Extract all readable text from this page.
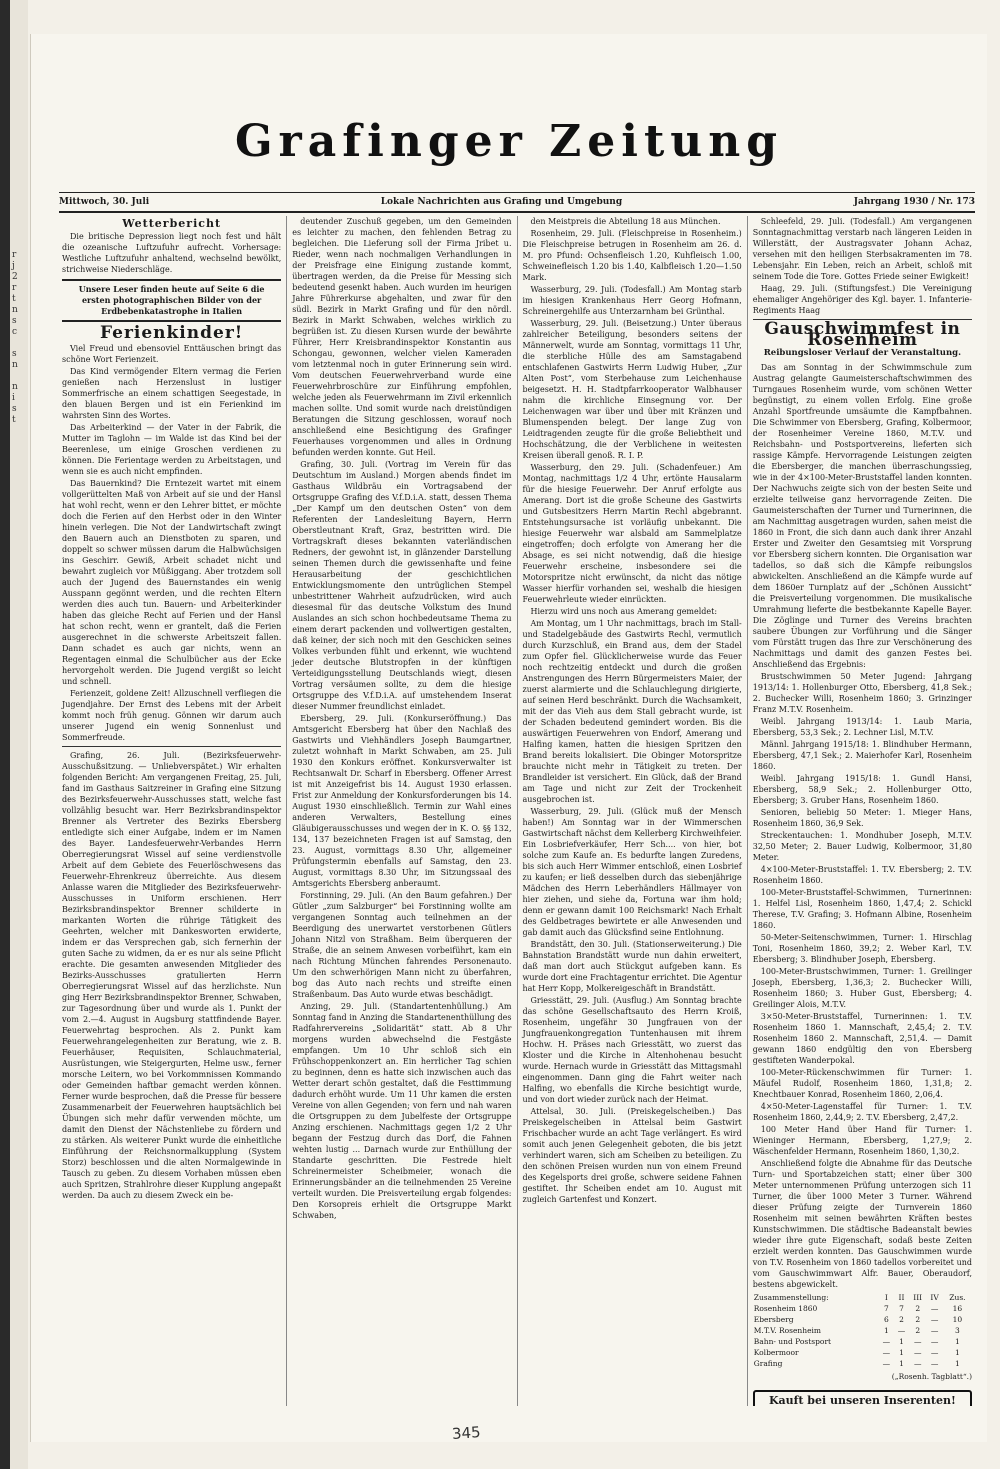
r
j
2
r
t
n
s
c

s
n

n
i
s
t
Grafinger Zeitung
Mittwoch, 30. Juli	Lokale Nachrichten aus Grafing und Umgebung	Jahrgang 1930 / Nr. 173
Wetterbericht

Die britische Depression liegt noch fest und hält die ozeanische Luftzufuhr aufrecht. Vorhersage: Westliche Luftzufuhr anhaltend, wechselnd bewölkt, strichweise Niederschläge.

Unsere Leser finden heute auf Seite 6 die ersten photographischen Bilder von der Erdbebenkatastrophe in Italien
Ferienkinder!

Viel Freud und ebensoviel Enttäuschen bringt das schöne Wort Ferienzeit.

Das Kind vermögender Eltern vermag die Ferien genießen nach Herzenslust in lustiger Sommerfrische an einem schattigen Seegestade, in den blauen Bergen und ist ein Ferienkind im wahrsten Sinn des Wortes.

Das Arbeiterkind — der Vater in der Fabrik, die Mutter im Taglohn — im Walde ist das Kind bei der Beerenlese, um einige Groschen verdienen zu können. Die Ferientage werden zu Arbeitstagen, und wenn sie es auch nicht empfinden.

Das Bauernkind? Die Erntezeit wartet mit einem vollgerüttelten Maß von Arbeit auf sie und der Hansl hat wohl recht, wenn er den Lehrer bittet, er möchte doch die Ferien auf den Herbst oder in den Winter hinein verlegen. Die Not der Landwirtschaft zwingt den Bauern auch an Dienstboten zu sparen, und doppelt so schwer müssen darum die Halbwüchsigen ins Geschirr. Gewiß, Arbeit schadet nicht und bewahrt zugleich vor Müßiggang. Aber trotzdem soll auch der Jugend des Bauernstandes ein wenig Ausspann gegönnt werden, und die rechten Eltern werden dies auch tun. Bauern- und Arbeiterkinder haben das gleiche Recht auf Ferien und der Hansl hat schon recht, wenn er grantelt, daß die Ferien ausgerechnet in die schwerste Arbeitszeit fallen. Dann schadet es auch gar nichts, wenn an Regentagen einmal die Schulbücher aus der Ecke hervorgeholt werden. Die Jugend vergißt so leicht und schnell.

Ferienzeit, goldene Zeit! Allzuschnell verfliegen die Jugendjahre. Der Ernst des Lebens mit der Arbeit kommt noch früh genug. Gönnen wir darum auch unserer Jugend ein wenig Sonnenlust und Sommerfreude.

Grafing, 26. Juli. (Bezirksfeuerwehr-Ausschußsitzung. — Unliebverspätet.) Wir erhalten folgenden Bericht: Am vergangenen Freitag, 25. Juli, fand im Gasthaus Saitzreiner in Grafing eine Sitzung des Bezirksfeuerwehr-Ausschusses statt, welche fast vollzählig besucht war. Herr Bezirksbrandinspektor Brenner als Vertreter des Bezirks Ebersberg entledigte sich einer Aufgabe, indem er im Namen des Bayer. Landesfeuerwehr-Verbandes Herrn Oberregierungsrat Wissel auf seine verdienstvolle Arbeit auf dem Gebiete des Feuerlöschwesens das Feuerwehr-Ehrenkreuz überreichte. Aus diesem Anlasse waren die Mitglieder des Bezirksfeuerwehr-Ausschusses in Uniform erschienen. Herr Bezirksbrandinspektor Brenner schilderte in markanten Worten die rührige Tätigkeit des Geehrten, welcher mit Dankesworten erwiderte, indem er das Versprechen gab, sich fernerhin der guten Sache zu widmen, da er es nur als seine Pflicht erachte. Die gesamten anwesenden Mitglieder des Bezirks-Ausschusses gratulierten Herrn Oberregierungsrat Wissel auf das herzlichste. Nun ging Herr Bezirksbrandinspektor Brenner, Schwaben, zur Tagesordnung über und wurde als 1. Punkt der vom 2.—4. August in Augsburg stattfindende Bayer. Feuerwehrtag besprochen. Als 2. Punkt kam Feuerwehrangelegenheiten zur Beratung, wie z. B. Feuerhäuser, Requisiten, Schlauchmaterial, Ausrüstungen, wie Steigergurten, Helme usw., ferner morsche Leitern, wo bei Vorkommnissen Kommando oder Gemeinden haftbar gemacht werden können. Ferner wurde besprochen, daß die Presse für bessere Zusammenarbeit der Feuerwehren hauptsächlich bei Übungen sich mehr dafür verwenden möchte, um damit den Dienst der Nächstenliebe zu fördern und zu stärken. Als weiterer Punkt wurde die einheitliche Einführung der Reichsnormalkupplung (System Storz) beschlossen und die alten Normalgewinde in Tausch zu geben. Zu diesem Vorhaben müssen eben auch Spritzen, Strahlrohre dieser Kupplung angepaßt werden. Da auch zu diesem Zweck ein be-

deutender Zuschuß gegeben, um den Gemeinden es leichter zu machen, den fehlenden Betrag zu begleichen. Die Lieferung soll der Firma Jribet u. Rieder, wenn nach nochmaligen Verhandlungen in der Preisfrage eine Einigung zustande kommt, übertragen werden, da die Preise für Messing sich bedeutend gesenkt haben. Auch wurden im heurigen Jahre Führerkurse abgehalten, und zwar für den südl. Bezirk in Markt Grafing und für den nördl. Bezirk in Markt Schwaben, welches wirklich zu begrüßen ist. Zu diesen Kursen wurde der bewährte Führer, Herr Kreisbrandinspektor Konstantin aus Schongau, gewonnen, welcher vielen Kameraden vom letztenmal noch in guter Erinnerung sein wird. Vom deutschen Feuerwehrverband wurde eine Feuerwehrbroschüre zur Einführung empfohlen, welche jeden als Feuerwehrmann im Zivil erkennlich machen sollte. Und somit wurde nach dreistündigen Beratungen die Sitzung geschlossen, worauf noch anschließend eine Besichtigung des Grafinger Feuerhauses vorgenommen und alles in Ordnung befunden werden konnte. Gut Heil.

Grafing, 30. Juli. (Vortrag im Verein für das Deutschtum im Ausland.) Morgen abends findet im Gasthaus Wildbräu ein Vortragsabend der Ortsgruppe Grafing des V.f.D.i.A. statt, dessen Thema „Der Kampf um den deutschen Osten“ von dem Referenten der Landesleitung Bayern, Herrn Oberstleutnant Kraft, Graz, bestritten wird. Die Vortragskraft dieses bekannten vaterländischen Redners, der gewohnt ist, in glänzender Darstellung seinen Themen durch die gewissenhafte und feine Herausarbeitung der geschichtlichen Entwicklungsmomente den untrüglichen Stempel unbestrittener Wahrheit aufzudrücken, wird auch diesesmal für das deutsche Volkstum des Inund Auslandes an sich schon hochbedeutsame Thema zu einem derart packenden und vollwertigen gestalten, daß keiner, der sich noch mit den Geschicken seines Volkes verbunden fühlt und erkennt, wie wuchtend jeder deutsche Blutstropfen in der künftigen Verteidigungsstellung Deutschlands wiegt, diesen Vortrag versäumen sollte, zu dem die hiesige Ortsgruppe des V.f.D.i.A. auf umstehendem Inserat dieser Nummer freundlichst einladet.

Ebersberg, 29. Juli. (Konkurseröffnung.) Das Amtsgericht Ebersberg hat über den Nachlaß des Gastwirts und Viehhändlers Joseph Baumgartner, zuletzt wohnhaft in Markt Schwaben, am 25. Juli 1930 den Konkurs eröffnet. Konkursverwalter ist Rechtsanwalt Dr. Scharf in Ebersberg. Offener Arrest ist mit Anzeigefrist bis 14. August 1930 erlassen. Frist zur Anmeldung der Konkursforderungen bis 14. August 1930 einschließlich. Termin zur Wahl eines anderen Verwalters, Bestellung eines Gläubigerausschusses und wegen der in K. O. §§ 132, 134, 137 bezeichneten Fragen ist auf Samstag, den 23. August, vormittags 8.30 Uhr, allgemeiner Prüfungstermin ebenfalls auf Samstag, den 23. August, vormittags 8.30 Uhr, im Sitzungssaal des Amtsgerichts Ebersberg anberaumt.

Forstinning, 29. Juli. (An den Baum gefahren.) Der Gütler „zum Salzburger“ bei Forstinning wollte am vergangenen Sonntag auch teilnehmen an der Beerdigung des unerwartet verstorbenen Gütlers Johann Nitzl von Straßham. Beim überqueren der Straße, die an seinem Anwesen vorbeiführt, kam ein nach Richtung München fahrendes Personenauto. Um den schwerhörigen Mann nicht zu überfahren, bog das Auto nach rechts und streifte einen Straßenbaum. Das Auto wurde etwas beschädigt.

Anzing, 29. Juli. (Standartentenhüllung.) Am Sonntag fand in Anzing die Standartenenthüllung des Radfahrervereins „Solidarität“ statt. Ab 8 Uhr morgens wurden abwechselnd die Festgäste empfangen. Um 10 Uhr schloß sich ein Frühschoppenkonzert an. Ein herrlicher Tag schien zu beginnen, denn es hatte sich inzwischen auch das Wetter derart schön gestaltet, daß die Festtimmung dadurch erhöht wurde. Um 11 Uhr kamen die ersten Vereine von allen Gegenden; von fern und nah waren die Ortsgruppen zu dem Jubelfeste der Ortsgruppe Anzing erschienen. Nachmittags gegen 1/2 2 Uhr begann der Festzug durch das Dorf, die Fahnen wehten lustig ... Darnach wurde zur Enthüllung der Standarte geschritten. Die Festrede hielt Schreinermeister Scheibmeier, wonach die Erinnerungsbänder an die teilnehmenden 25 Vereine verteilt wurden. Die Preisverteilung ergab folgendes: Den Korsopreis erhielt die Ortsgruppe Markt Schwaben,

den Meistpreis die Abteilung 18 aus München.

Rosenheim, 29. Juli. (Fleischpreise in Rosenheim.) Die Fleischpreise betrugen in Rosenheim am 26. d. M. pro Pfund: Ochsenfleisch 1.20, Kuhfleisch 1.00, Schweinefleisch 1.20 bis 1.40, Kalbfleisch 1.20—1.50 Mark.

Wasserburg, 29. Juli. (Todesfall.) Am Montag starb im hiesigen Krankenhaus Herr Georg Hofmann, Schreinergehilfe aus Unterzarnham bei Grünthal.

Wasserburg, 29. Juli. (Beisetzung.) Unter überaus zahlreicher Beteiligung, besonders seitens der Männerwelt, wurde am Sonntag, vormittags 11 Uhr, die sterbliche Hülle des am Samstagabend entschlafenen Gastwirts Herrn Ludwig Huber, „Zur Alten Post“, vom Sterbehause zum Leichenhause beigesetzt. H. H. Stadtpfarrkooperator Walbhauser nahm die kirchliche Einsegnung vor. Der Leichenwagen war über und über mit Kränzen und Blumenspenden belegt. Der lange Zug von Leidtragenden zeugte für die große Beliebtheit und Hochschätzung, die der Verblichene in weitesten Kreisen überall genoß. R. I. P.

Wasserburg, den 29. Juli. (Schadenfeuer.) Am Montag, nachmittags 1/2 4 Uhr, ertönte Hausalarm für die hiesige Feuerwehr. Der Anruf erfolgte aus Amerang. Dort ist die große Scheune des Gastwirts und Gutsbesitzers Herrn Martin Rechl abgebrannt. Entstehungsursache ist vorläufig unbekannt. Die hiesige Feuerwehr war alsbald am Sammelplatze eingetroffen; doch erfolgte von Amerang her die Absage, es sei nicht notwendig, daß die hiesige Feuerwehr erscheine, insbesondere sei die Motorspritze nicht erwünscht, da nicht das nötige Wasser hierfür vorhanden sei, weshalb die hiesigen Feuerwehrleute wieder einrückten.

Hierzu wird uns noch aus Amerang gemeldet:

Am Montag, um 1 Uhr nachmittags, brach im Stall- und Stadelgebäude des Gastwirts Rechl, vermutlich durch Kurzschluß, ein Brand aus, dem der Stadel zum Opfer fiel. Glücklicherweise wurde das Feuer noch rechtzeitig entdeckt und durch die großen Anstrengungen des Herrn Bürgermeisters Maier, der zuerst alarmierte und die Schlauchlegung dirigierte, auf seinen Herd beschränkt. Durch die Wachsamkeit, mit der das Vieh aus dem Stall gebracht wurde, ist der Schaden bedeutend gemindert worden. Bis die auswärtigen Feuerwehren von Endorf, Amerang und Halfing kamen, hatten die hiesigen Spritzen den Brand bereits lokalisiert. Die Obinger Motorspritze brauchte nicht mehr in Tätigkeit zu treten. Der Brandleider ist versichert. Ein Glück, daß der Brand am Tage und nicht zur Zeit der Trockenheit ausgebrochen ist.

Wasserburg, 29. Juli. (Glück muß der Mensch haben!) Am Sonntag war in der Wimmerschen Gastwirtschaft nächst dem Kellerberg Kirchweihfeier. Ein Losbriefverkäufer, Herr Sch.... von hier, bot solche zum Kaufe an. Es bedurfte langen Zuredens, bis sich auch Herr Wimmer entschloß, einen Losbrief zu kaufen; er ließ desselben durch das siebenjährige Mädchen des Herrn Leberhändlers Hällmayer von hier ziehen, und siehe da, Fortuna war ihm hold; denn er gewann damit 100 Reichsmark! Nach Erhalt des Geldbetrages bewirtete er alle Anwesenden und gab damit auch das Glücksfind seine Entlohnung.

Brandstätt, den 30. Juli. (Stationserweiterung.) Die Bahnstation Brandstätt wurde nun dahin erweitert, daß man dort auch Stückgut aufgeben kann. Es wurde dort eine Frachtagentur errichtet. Die Agentur hat Herr Kopp, Molkereigeschäft in Brandstätt.

Griesstätt, 29. Juli. (Ausflug.) Am Sonntag brachte das schöne Gesellschaftsauto des Herrn Kroiß, Rosenheim, ungefähr 30 Jungfrauen von der Jungfrauenkongregation Tuntenhausen mit ihrem Hochw. H. Präses nach Griesstätt, wo zuerst das Kloster und die Kirche in Altenhohenau besucht wurde. Hernach wurde in Griesstätt das Mittagsmahl eingenommen. Dann ging die Fahrt weiter nach Halfing, wo ebenfalls die Kirche besichtigt wurde, und von dort wieder zurück nach der Heimat.

Attelsal, 30. Juli. (Preiskegelscheiben.) Das Preiskegelscheiben in Attelsal beim Gastwirt Frischbacher wurde an acht Tage verlängert. Es wird somit auch jenen Gelegenheit geboten, die bis jetzt verhindert waren, sich am Scheiben zu beteiligen. Zu den schönen Preisen wurden nun von einem Freund des Kegelsports drei große, schwere seidene Fahnen gestiftet. Ihr Scheiben endet am 10. August mit zugleich Gartenfest und Konzert.

Schleefeld, 29. Juli. (Todesfall.) Am vergangenen Sonntagnachmittag verstarb nach längeren Leiden in Willerstätt, der Austragsvater Johann Achaz, versehen mit den heiligen Sterbsakramenten im 78. Lebensjahr. Ein Leben, reich an Arbeit, schloß mit seinem Tode die Tore. Gottes Friede seiner Ewigkeit!

Haag, 29. Juli. (Stiftungsfest.) Die Vereinigung ehemaliger Angehöriger des Kgl. bayer. 1. Infanterie-Regiments Haag

Gauschwimmfest in Rosenheim
Reibungsloser Verlauf der Veranstaltung.

Das am Sonntag in der Schwimmschule zum Austrag gelangte Gaumeisterschaftschwimmen des Turngaues Rosenheim wurde, vom schönen Wetter begünstigt, zu einem vollen Erfolg. Eine große Anzahl Sportfreunde umsäumte die Kampfbahnen. Die Schwimmer von Ebersberg, Grafing, Kolbermoor, der Rosenheimer Vereine 1860, M.T.V. und Reichsbahn- und Postsportvereins, lieferten sich rassige Kämpfe. Hervorragende Leistungen zeigten die Ebersberger, die manchen überraschungssieg, wie in der 4×100-Meter-Bruststaffel landen konnten. Der Nachwuchs zeigte sich von der besten Seite und erzielte teilweise ganz hervorragende Zeiten. Die Gaumeisterschaften der Turner und Turnerinnen, die am Nachmittag ausgetragen wurden, sahen meist die 1860 in Front, die sich dann auch dank ihrer Anzahl Erster und Zweiter den Gesamtsieg mit Vorsprung vor Ebersberg sichern konnten. Die Organisation war tadellos, so daß sich die Kämpfe reibungslos abwickelten. Anschließend an die Kämpfe wurde auf dem 1860er Turnplatz auf der „Schönen Aussicht“ die Preisverteilung vorgenommen. Die musikalische Umrahmung lieferte die bestbekannte Kapelle Bayer. Die Zöglinge und Turner des Vereins brachten saubere Übungen zur Vorführung und die Sänger vom Fürstätt trugen das Ihre zur Verschönerung des Nachmittags und damit des ganzen Festes bei. Anschließend das Ergebnis:

Brustschwimmen 50 Meter Jugend: Jahrgang 1913/14: 1. Hollenburger Otto, Ebersberg, 41,8 Sek.; 2. Buchecker Willi, Rosenheim 1860; 3. Grinzinger Franz M.T.V. Rosenheim.

Weibl. Jahrgang 1913/14: 1. Laub Maria, Ebersberg, 53,3 Sek.; 2. Lechner Lisl, M.T.V.

Männl. Jahrgang 1915/18: 1. Blindhuber Hermann, Ebersberg, 47,1 Sek.; 2. Maierhofer Karl, Rosenheim 1860.

Weibl. Jahrgang 1915/18: 1. Gundl Hansi, Ebersberg, 58,9 Sek.; 2. Hollenburger Otto, Ebersberg; 3. Gruber Hans, Rosenheim 1860.

Senioren, beliebig 50 Meter: 1. Mieger Hans, Rosenheim 1860, 36,9 Sek.

Streckentauchen: 1. Mondhuber Joseph, M.T.V. 32,50 Meter; 2. Bauer Ludwig, Kolbermoor, 31,80 Meter.

4×100-Meter-Bruststaffel: 1. T.V. Ebersberg; 2. T.V. Rosenheim 1860.

100-Meter-Bruststaffel-Schwimmen, Turnerinnen: 1. Helfel Lisl, Rosenheim 1860, 1,47,4; 2. Schickl Therese, T.V. Grafing; 3. Hofmann Albine, Rosenheim 1860.

50-Meter-Seitenschwimmen, Turner: 1. Hirschlag Toni, Rosenheim 1860, 39,2; 2. Weber Karl, T.V. Ebersberg; 3. Blindhuber Joseph, Ebersberg.

100-Meter-Brustschwimmen, Turner: 1. Greilinger Joseph, Ebersberg, 1,36,3; 2. Buchecker Willi, Rosenheim 1860; 3. Huber Gust, Ebersberg; 4. Greilinger Alois, M.T.V.

3×50-Meter-Bruststaffel, Turnerinnen: 1. T.V. Rosenheim 1860 1. Mannschaft, 2,45,4; 2. T.V. Rosenheim 1860 2. Mannschaft, 2,51,4. — Damit gewann 1860 endgültig den von Ebersberg gestifteten Wanderpokal.

100-Meter-Rückenschwimmen für Turner: 1. Mäufel Rudolf, Rosenheim 1860, 1,31,8; 2. Knechtbauer Konrad, Rosenheim 1860, 2,06,4.

4×50-Meter-Lagenstaffel für Turner: 1. T.V. Rosenheim 1860, 2,44,9; 2. T.V. Ebersberg, 2,47,2.

100 Meter Hand über Hand für Turner: 1. Wieninger Hermann, Ebersberg, 1,27,9; 2. Wäschenfelder Hermann, Rosenheim 1860, 1,30,2.

Anschließend folgte die Abnahme für das Deutsche Turn- und Sportabzeichen statt; einer über 300 Meter unternommenen Prüfung unterzogen sich 11 Turner, die über 1000 Meter 3 Turner. Während dieser Prüfung zeigte der Turnverein 1860 Rosenheim mit seinen bewährten Kräften bestes Kunstschwimmen. Die städtische Badeanstalt bewies wieder ihre gute Eigenschaft, sodaß beste Zeiten erzielt werden konnten. Das Gauschwimmen wurde von T.V. Rosenheim von 1860 tadellos vorbereitet und vom Gauschwimmwart Alfr. Bauer, Oberaudorf, bestens abgewickelt.

Zusammenstellung:	I	II	III	IV	Zus.
Rosenheim 1860	7	7	2	—	16
Ebersberg	6	2	2	—	10
M.T.V. Rosenheim	1	—	2	—	3
Bahn- und Postsport	—	1	—	—	1
Kolbermoor	—	1	—	—	1
Grafing	—	1	—	—	1
(„Rosenh. Tagblatt“.)
Kauft bei unseren Inserenten!
345
